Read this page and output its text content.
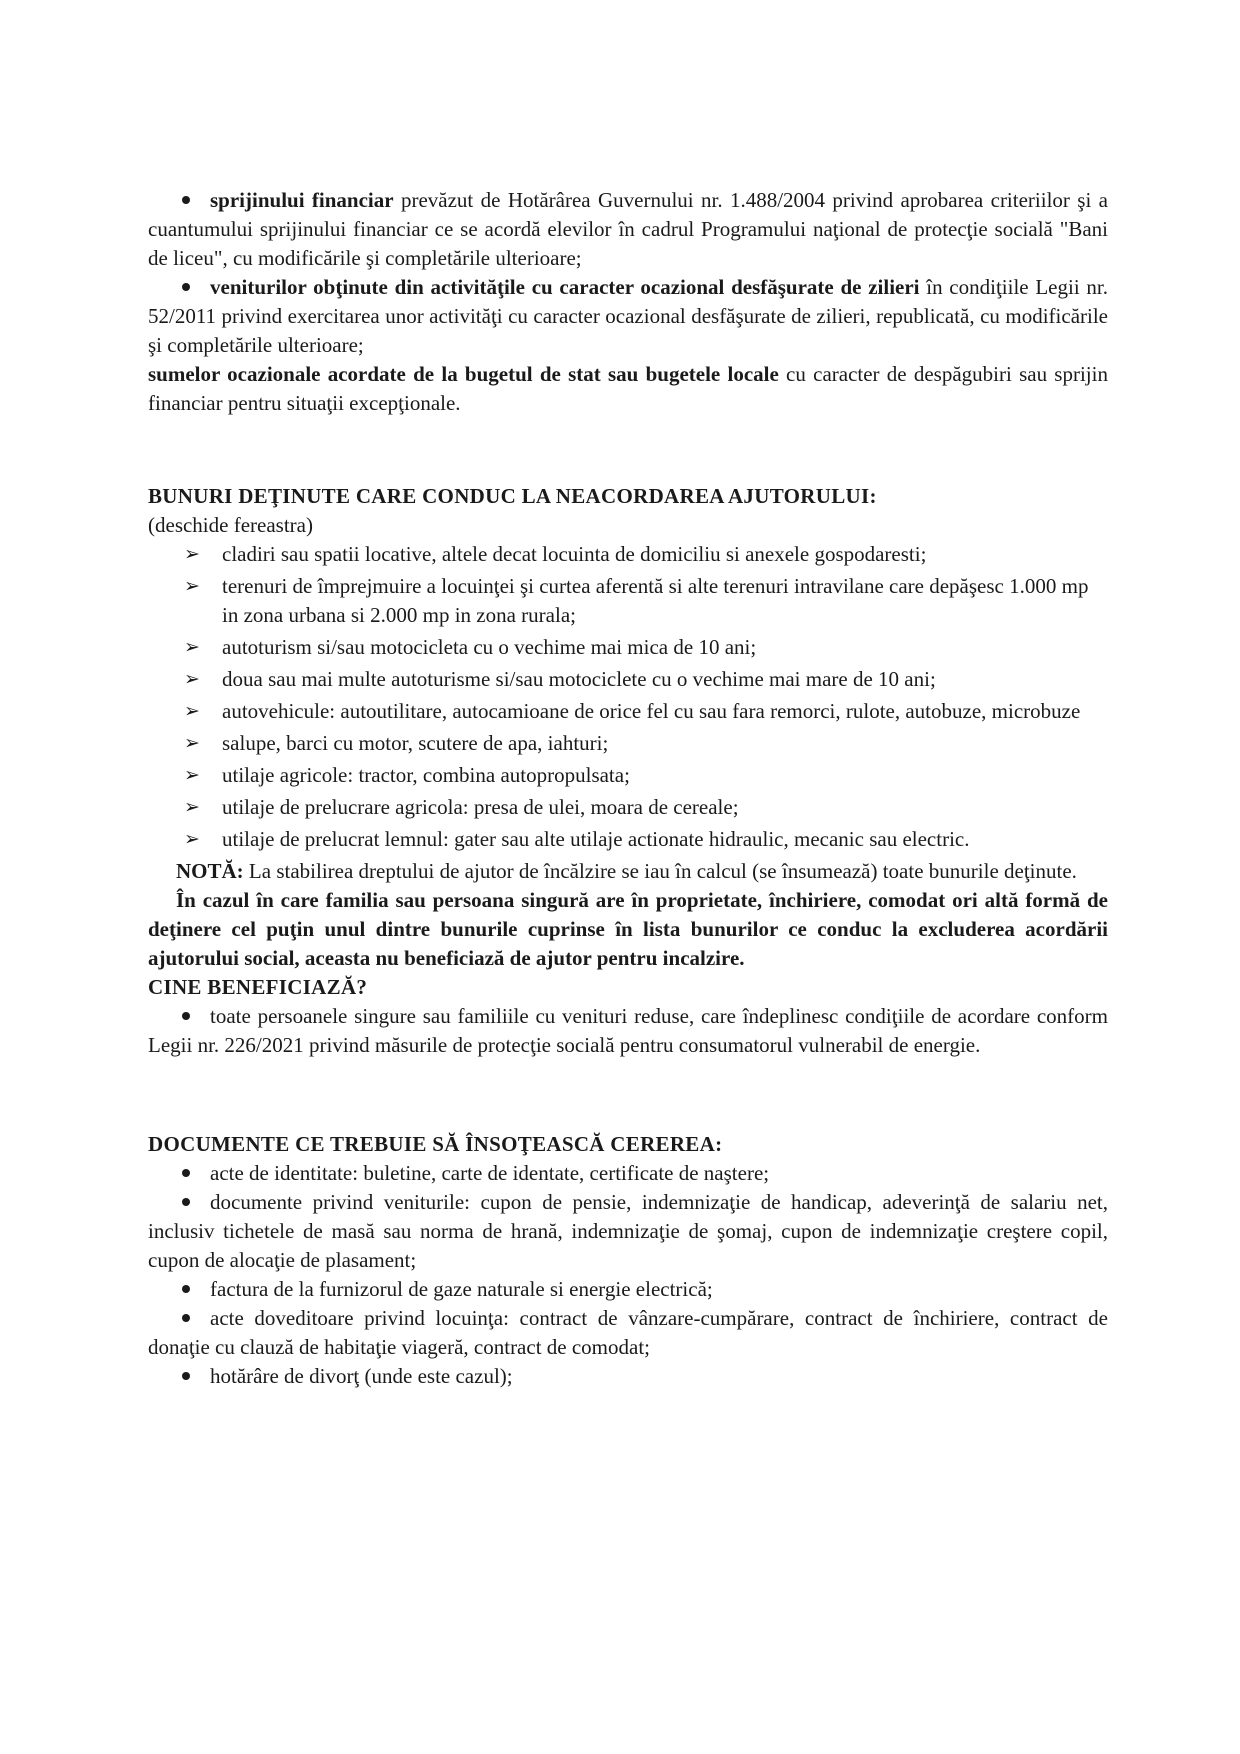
sprijinului financiar prevăzut de Hotărârea Guvernului nr. 1.488/2004 privind aprobarea criteriilor şi a cuantumului sprijinului financiar ce se acordă elevilor în cadrul Programului naţional de protecţie socială "Bani de liceu", cu modificările şi completările ulterioare;

veniturilor obţinute din activităţile cu caracter ocazional desfăşurate de zilieri în condiţiile Legii nr. 52/2011 privind exercitarea unor activităţi cu caracter ocazional desfăşurate de zilieri, republicată, cu modificările şi completările ulterioare;

sumelor ocazionale acordate de la bugetul de stat sau bugetele locale cu caracter de despăgubiri sau sprijin financiar pentru situaţii excepţionale.

BUNURI DEŢINUTE CARE CONDUC LA NEACORDAREA AJUTORULUI:

(deschide fereastra)

➢ cladiri sau spatii locative, altele decat locuinta de domiciliu si anexele gospodaresti;
➢ terenuri de împrejmuire a locuinţei şi curtea aferentă si alte terenuri intravilane care depăşesc 1.000 mp in zona urbana si 2.000 mp in zona rurala;
➢ autoturism si/sau motocicleta cu o vechime mai mica de 10 ani;
➢ doua sau mai multe autoturisme si/sau motociclete cu o vechime mai mare de 10 ani;
➢ autovehicule: autoutilitare, autocamioane de orice fel cu sau fara remorci, rulote, autobuze, microbuze
➢ salupe, barci cu motor, scutere de apa, iahturi;
➢ utilaje agricole: tractor, combina autopropulsata;
➢ utilaje de prelucrare agricola: presa de ulei, moara de cereale;
➢ utilaje de prelucrat lemnul: gater sau alte utilaje actionate hidraulic, mecanic sau electric.

NOTĂ: La stabilirea dreptului de ajutor de încălzire se iau în calcul (se însumează) toate bunurile deţinute.

În cazul în care familia sau persoana singură are în proprietate, închiriere, comodat ori altă formă de deţinere cel puţin unul dintre bunurile cuprinse în lista bunurilor ce conduc la excluderea acordării ajutorului social, aceasta nu beneficiază de ajutor pentru incalzire.

CINE BENEFICIAZĂ?

toate persoanele singure sau familiile cu venituri reduse, care îndeplinesc condiţiile de acordare conform Legii nr. 226/2021 privind măsurile de protecţie socială pentru consumatorul vulnerabil de energie.

DOCUMENTE CE TREBUIE SĂ ÎNSOŢEASCĂ CEREREA:

acte de identitate: buletine, carte de identate, certificate de naştere;

documente privind veniturile: cupon de pensie, indemnizaţie de handicap, adeverinţă de salariu net, inclusiv tichetele de masă sau norma de hrană, indemnizaţie de şomaj, cupon de indemnizaţie creştere copil, cupon de alocaţie de plasament;

factura de la furnizorul de gaze naturale si energie electrică;

acte doveditoare privind locuinţa: contract de vânzare-cumpărare, contract de închiriere, contract de donaţie cu clauză de habitaţie viageră, contract de comodat;

hotărâre de divorţ (unde este cazul);
